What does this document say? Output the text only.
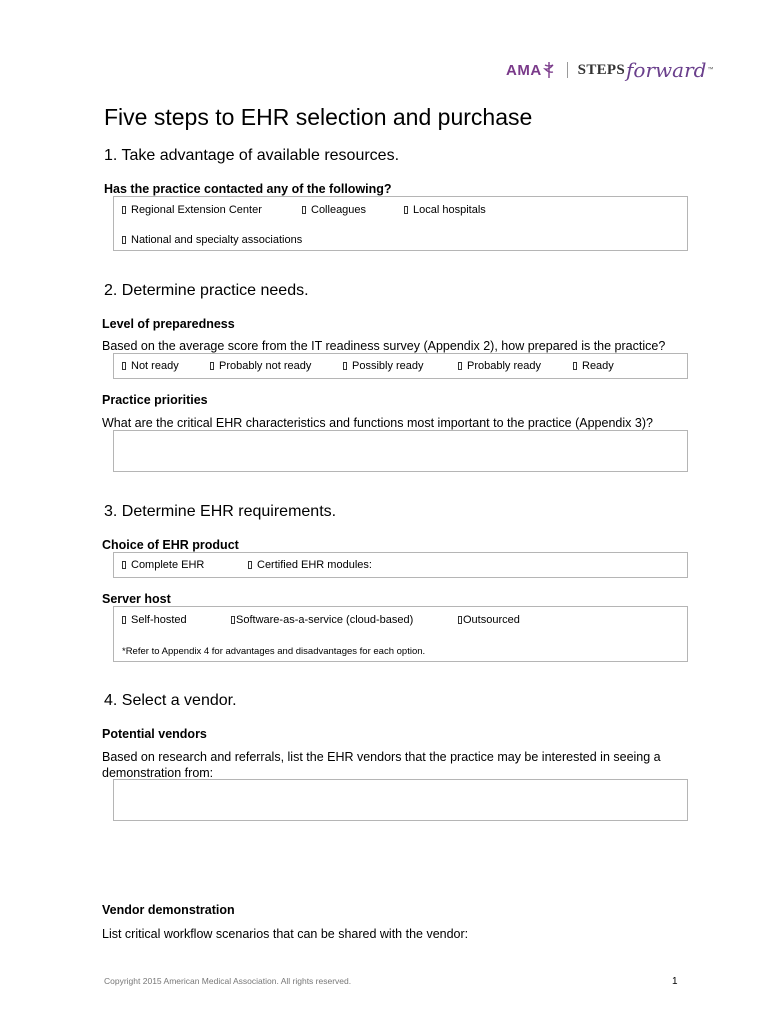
AMA STEPS forward ™
Five steps to EHR selection and purchase
1. Take advantage of available resources.
Has the practice contacted any of the following?
Regional Extension Center	Colleagues	Local hospitals
National and specialty associations
2. Determine practice needs.
Level of preparedness
Based on the average score from the IT readiness survey (Appendix 2), how prepared is the practice?
Not ready	Probably not ready	Possibly ready	Probably ready	Ready
Practice priorities
What are the critical EHR characteristics and functions most important to the practice (Appendix 3)?
3. Determine EHR requirements.
Choice of EHR product
Complete EHR	Certified EHR modules:
Server host
Self-hosted	Software-as-a-service (cloud-based)	Outsourced
*Refer to Appendix 4 for advantages and disadvantages for each option.
4. Select a vendor.
Potential vendors
Based on research and referrals, list the EHR vendors that the practice may be interested in seeing a demonstration from:
Vendor demonstration
List critical workflow scenarios that can be shared with the vendor:
Copyright 2015 American Medical Association. All rights reserved.	1
